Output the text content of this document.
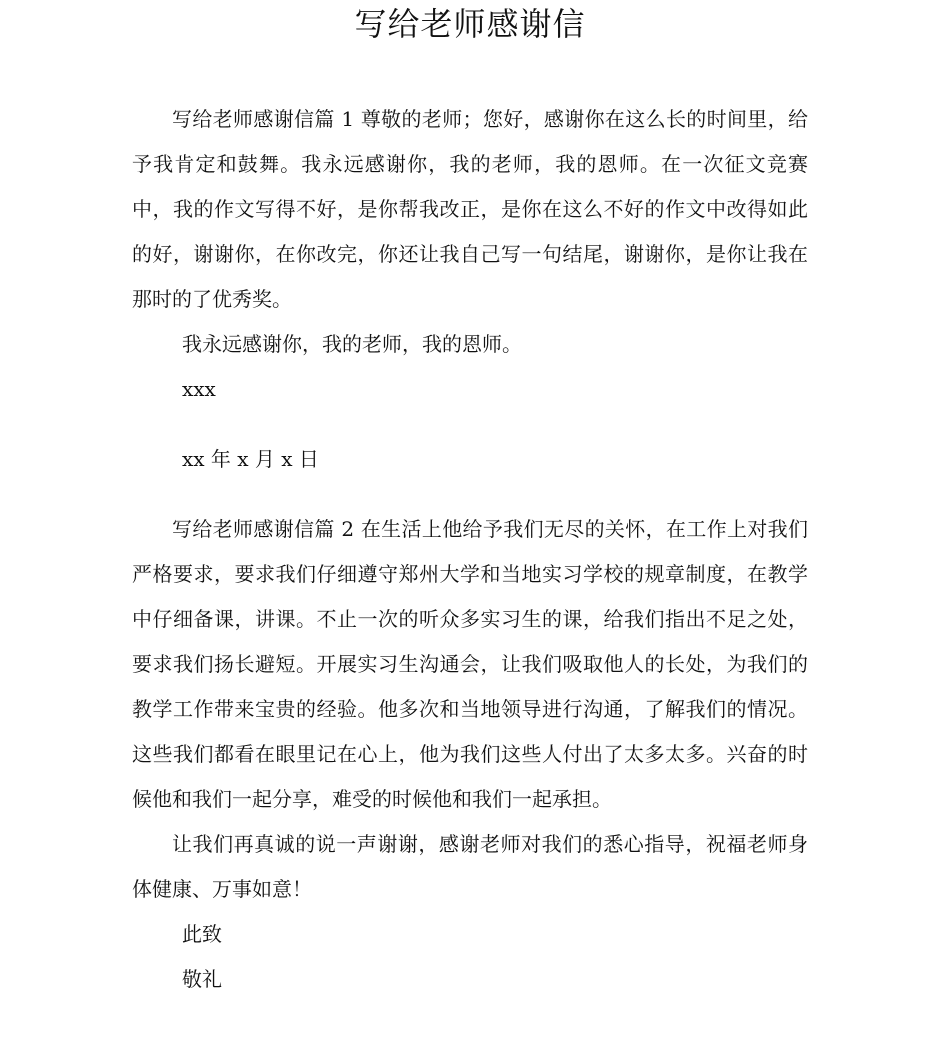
写给老师感谢信

写给老师感谢信篇 1 尊敬的老师；您好，感谢你在这么长的时间里，给予我肯定和鼓舞。我永远感谢你，我的老师，我的恩师。在一次征文竞赛中，我的作文写得不好，是你帮我改正，是你在这么不好的作文中改得如此的好，谢谢你，在你改完，你还让我自己写一句结尾，谢谢你，是你让我在那时的了优秀奖。

我永远感谢你，我的老师，我的恩师。

xxx

xx 年 x 月 x 日

写给老师感谢信篇 2 在生活上他给予我们无尽的关怀，在工作上对我们严格要求，要求我们仔细遵守郑州大学和当地实习学校的规章制度，在教学中仔细备课，讲课。不止一次的听众多实习生的课，给我们指出不足之处，要求我们扬长避短。开展实习生沟通会，让我们吸取他人的长处，为我们的教学工作带来宝贵的经验。他多次和当地领导进行沟通，了解我们的情况。这些我们都看在眼里记在心上，他为我们这些人付出了太多太多。兴奋的时候他和我们一起分享，难受的时候他和我们一起承担。

让我们再真诚的说一声谢谢，感谢老师对我们的悉心指导，祝福老师身体健康、万事如意！

此致

敬礼
